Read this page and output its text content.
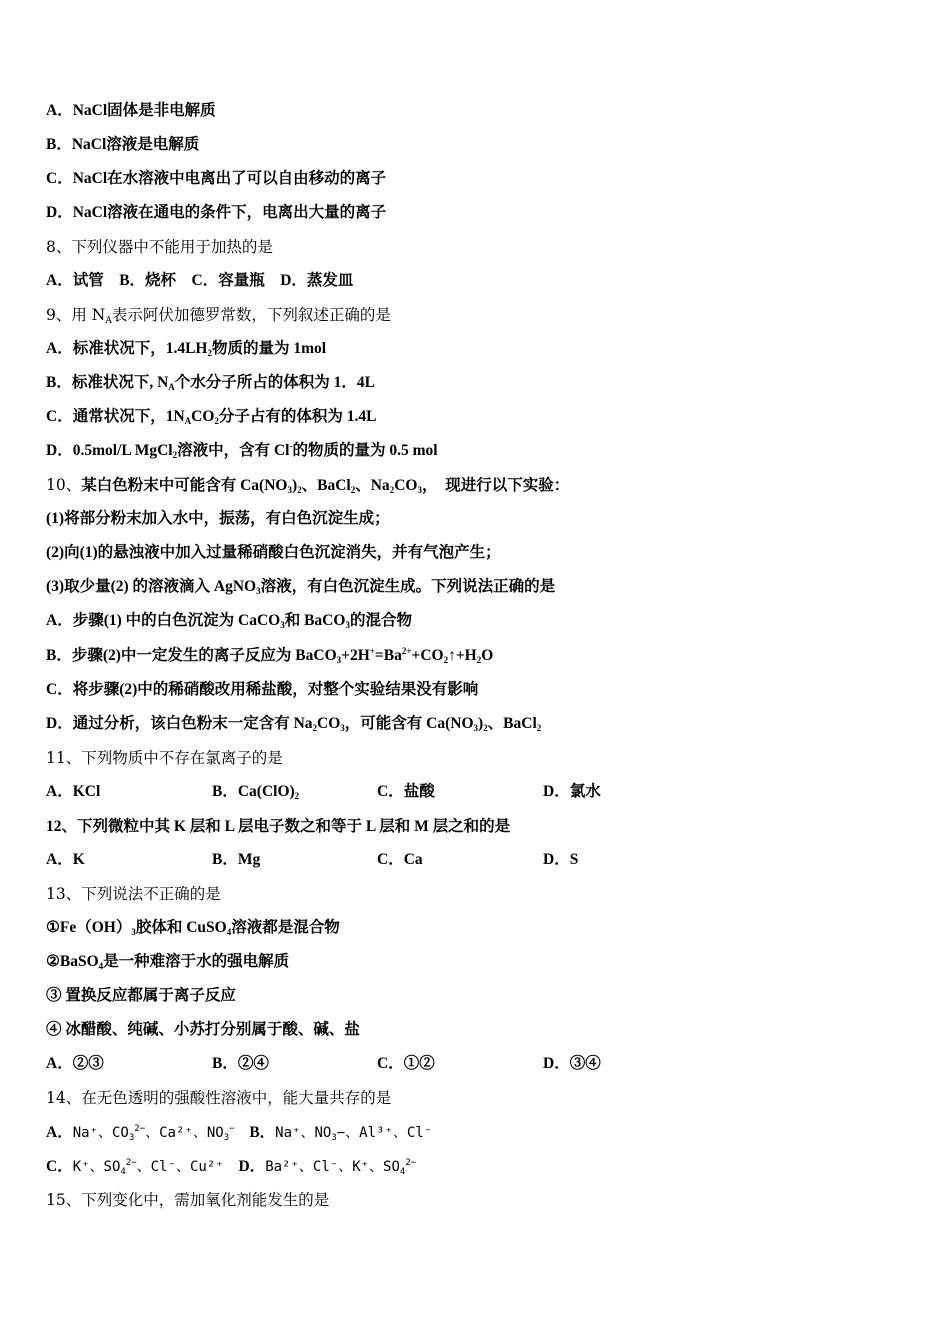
A．NaCl固体是非电解质
B．NaCl溶液是电解质
C．NaCl在水溶液中电离出了可以自由移动的离子
D．NaCl溶液在通电的条件下，电离出大量的离子
8、下列仪器中不能用于加热的是
A．试管　B．烧杯　C．容量瓶　D．蒸发皿
9、用 $N_A$表示阿伏加德罗常数，下列叙述正确的是
A．标准状况下，$1.4LH_2$物质的量为 1mol
B．标准状况下, $N_A$个水分子所占的体积为 1．4L
C．通常状况下，$1N_ACO_2$分子占有的体积为 1.4L
D．0.5mol/L MgCl$_2$溶液中，含有 Cl-的物质的量为 0.5 mol
10、某白色粉末中可能含有 $Ca(NO_3)_2$、BaCl$_2$、$Na_2CO_3$，　现进行以下实验：
(1)将部分粉末加入水中，振荡，有白色沉淀生成；
(2)向(1)的悬浊液中加入过量稀硝酸白色沉淀消失，并有气泡产生；
(3)取少量(2) 的溶液滴入 AgNO$_3$溶液，有白色沉淀生成。下列说法正确的是
A．步骤(1) 中的白色沉淀为 CaCO$_3$和 BaCO$_3$的混合物
B．步骤(2)中一定发生的离子反应为 $BaCO_3+2H^+=Ba^{2+}+CO_2↑+H_2O$
C．将步骤(2)中的稀硝酸改用稀盐酸，对整个实验结果没有影响
D．通过分析，该白色粉末一定含有 $Na_2CO_3$，可能含有 $Ca(NO_3)_2$、BaCl$_2$
11、下列物质中不存在氯离子的是
A．KCl	B．$Ca(ClO)_2$	C．盐酸	D．氯水
12、下列微粒中其 K 层和 L 层电子数之和等于 L 层和 M 层之和的是
A．K	B．Mg	C．Ca	D．S
13、下列说法不正确的是
$①Fe(OH)_3$胶体和 CuSO$_4$溶液都是混合物
②BaSO$_4$是一种难溶于水的强电解质
③ 置换反应都属于离子反应
④ 冰醋酸、纯碱、小苏打分别属于酸、碱、盐
A．②③	B．②④	C．①②	D．③④
14、在无色透明的强酸性溶液中，能大量共存的是
A．Na⁺、$CO_3^{2-}$、Ca²⁺、$NO_3^-$ B．Na⁺、$NO_3-$、Al³⁺、Cl⁻
C．K⁺、$SO_4^{2-}$、Cl⁻、Cu²⁺ D．Ba²⁺、Cl⁻、K⁺、$SO_4^{2-}$
15、下列变化中，需加氧化剂能发生的是
